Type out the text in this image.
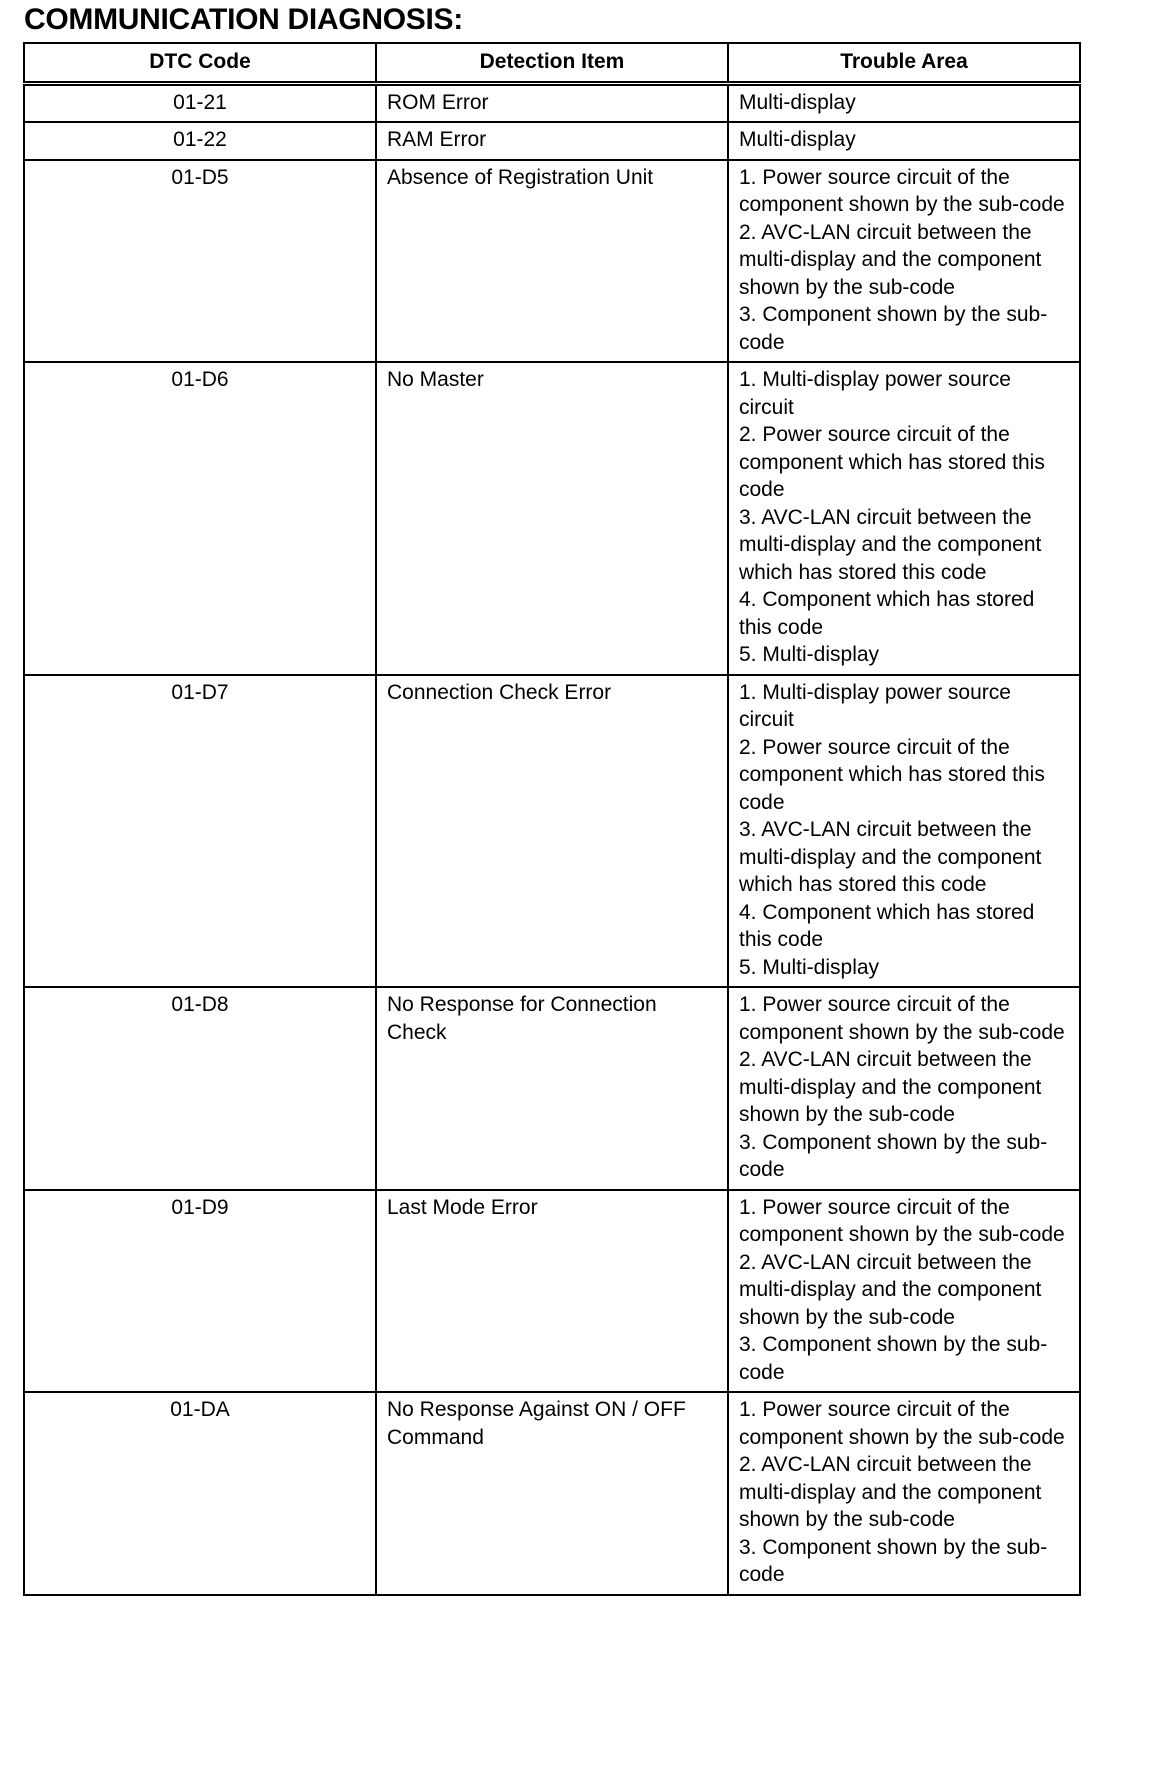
COMMUNICATION DIAGNOSIS:
DTC Code	Detection Item	Trouble Area
01-21	ROM Error	Multi-display

01-22	RAM Error	Multi-display

01-D5	Absence of Registration Unit	1. Power source circuit of the component shown by the sub-code
2. AVC-LAN circuit between the multi-display and the component shown by the sub-code
3. Component shown by the sub-code

01-D6	No Master	1. Multi-display power source circuit
2. Power source circuit of the component which has stored this code
3. AVC-LAN circuit between the multi-display and the component which has stored this code
4. Component which has stored this code
5. Multi-display

01-D7	Connection Check Error	1. Multi-display power source circuit
2. Power source circuit of the component which has stored this code
3. AVC-LAN circuit between the multi-display and the component which has stored this code
4. Component which has stored this code
5. Multi-display

01-D8	No Response for Connection Check	1. Power source circuit of the component shown by the sub-code
2. AVC-LAN circuit between the multi-display and the component shown by the sub-code
3. Component shown by the sub-code

01-D9	Last Mode Error	1. Power source circuit of the component shown by the sub-code
2. AVC-LAN circuit between the multi-display and the component shown by the sub-code
3. Component shown by the sub-code

01-DA	No Response Against ON / OFF Command	1. Power source circuit of the component shown by the sub-code
2. AVC-LAN circuit between the multi-display and the component shown by the sub-code
3. Component shown by the sub-code
